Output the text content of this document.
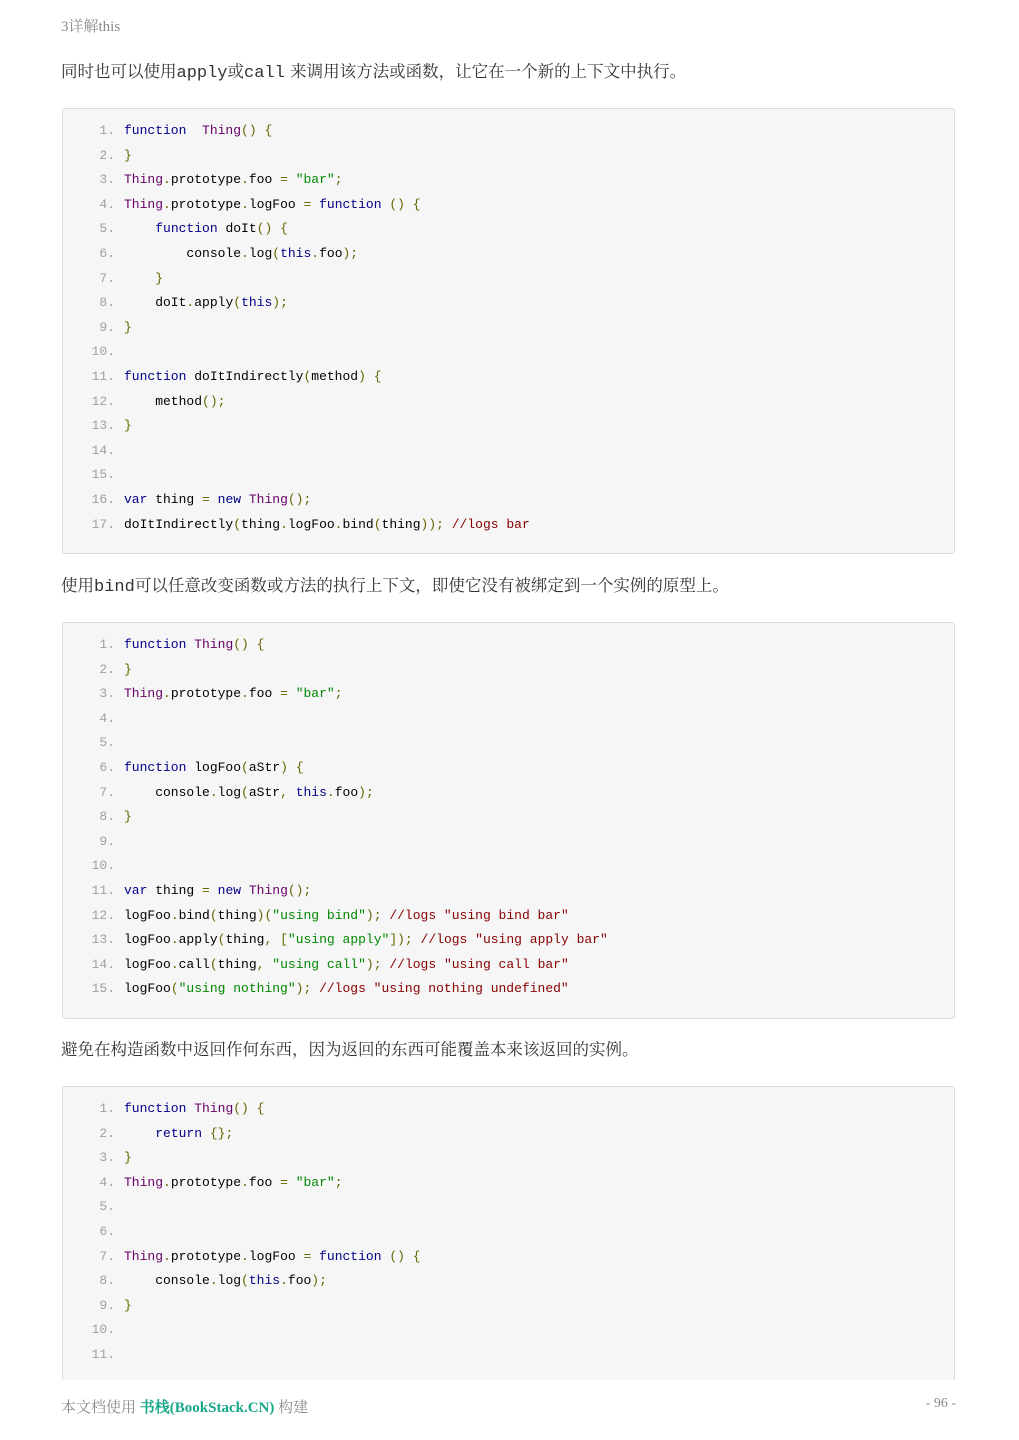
3详解this
同时也可以使用apply或call 来调用该方法或函数，让它在一个新的上下文中执行。
1. function Thing() {
2. }
3. Thing.prototype.foo = "bar";
4. Thing.prototype.logFoo = function () {
5.	function doIt() {
6. console.log(this.foo);
7.	}
8. doIt.apply(this);
9. }
10.
11. function doItIndirectly(method) {
12. method();
13. }
14.
15.
16. var thing = new Thing();
17. doItIndirectly(thing.logFoo.bind(thing)); //logs bar
使用bind可以任意改变函数或方法的执行上下文，即使它没有被绑定到一个实例的原型上。
1. function Thing() {
2. }
3. Thing.prototype.foo = "bar";
4.
5.
6. function logFoo(aStr) {
7. console.log(aStr, this.foo);
8. }
9.
10.
11. var thing = new Thing();
12. logFoo.bind(thing)("using bind"); //logs "using bind bar"
13. logFoo.apply(thing, ["using apply"]); //logs "using apply bar"
14. logFoo.call(thing, "using call"); //logs "using call bar"
15. logFoo("using nothing"); //logs "using nothing undefined"
避免在构造函数中返回作何东西，因为返回的东西可能覆盖本来该返回的实例。
1. function Thing() {
2.	return {};
3. }
4. Thing.prototype.foo = "bar";
5.
6.
7. Thing.prototype.logFoo = function () {
8. console.log(this.foo);
9. }
10.
11.
本文档使用 书栈(BookStack.CN) 构建	- 96 -
